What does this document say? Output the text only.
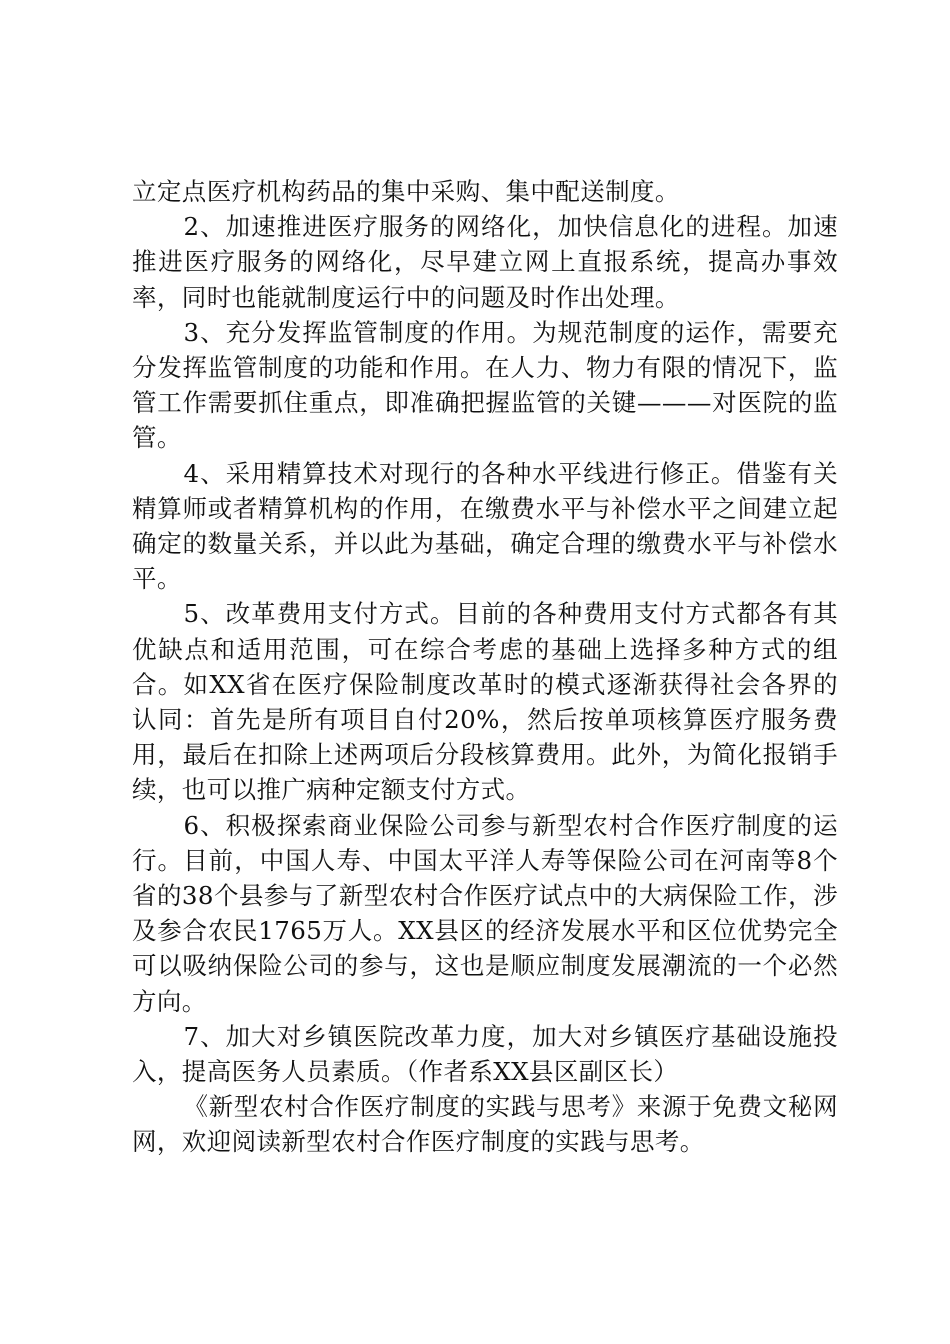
立定点医疗机构药品的集中采购、集中配送制度。

2、加速推进医疗服务的网络化，加快信息化的进程。加速推进医疗服务的网络化，尽早建立网上直报系统，提高办事效率，同时也能就制度运行中的问题及时作出处理。

3、充分发挥监管制度的作用。为规范制度的运作，需要充分发挥监管制度的功能和作用。在人力、物力有限的情况下，监管工作需要抓住重点，即准确把握监管的关键———对医院的监管。

4、采用精算技术对现行的各种水平线进行修正。借鉴有关精算师或者精算机构的作用，在缴费水平与补偿水平之间建立起确定的数量关系，并以此为基础，确定合理的缴费水平与补偿水平。

5、改革费用支付方式。目前的各种费用支付方式都各有其优缺点和适用范围，可在综合考虑的基础上选择多种方式的组合。如XX省在医疗保险制度改革时的模式逐渐获得社会各界的认同：首先是所有项目自付20%，然后按单项核算医疗服务费用，最后在扣除上述两项后分段核算费用。此外，为简化报销手续，也可以推广病种定额支付方式。

6、积极探索商业保险公司参与新型农村合作医疗制度的运行。目前，中国人寿、中国太平洋人寿等保险公司在河南等8个省的38个县参与了新型农村合作医疗试点中的大病保险工作，涉及参合农民1765万人。XX县区的经济发展水平和区位优势完全可以吸纳保险公司的参与，这也是顺应制度发展潮流的一个必然方向。

7、加大对乡镇医院改革力度，加大对乡镇医疗基础设施投入，提高医务人员素质。（作者系XX县区副区长）

《新型农村合作医疗制度的实践与思考》来源于免费文秘网网，欢迎阅读新型农村合作医疗制度的实践与思考。
